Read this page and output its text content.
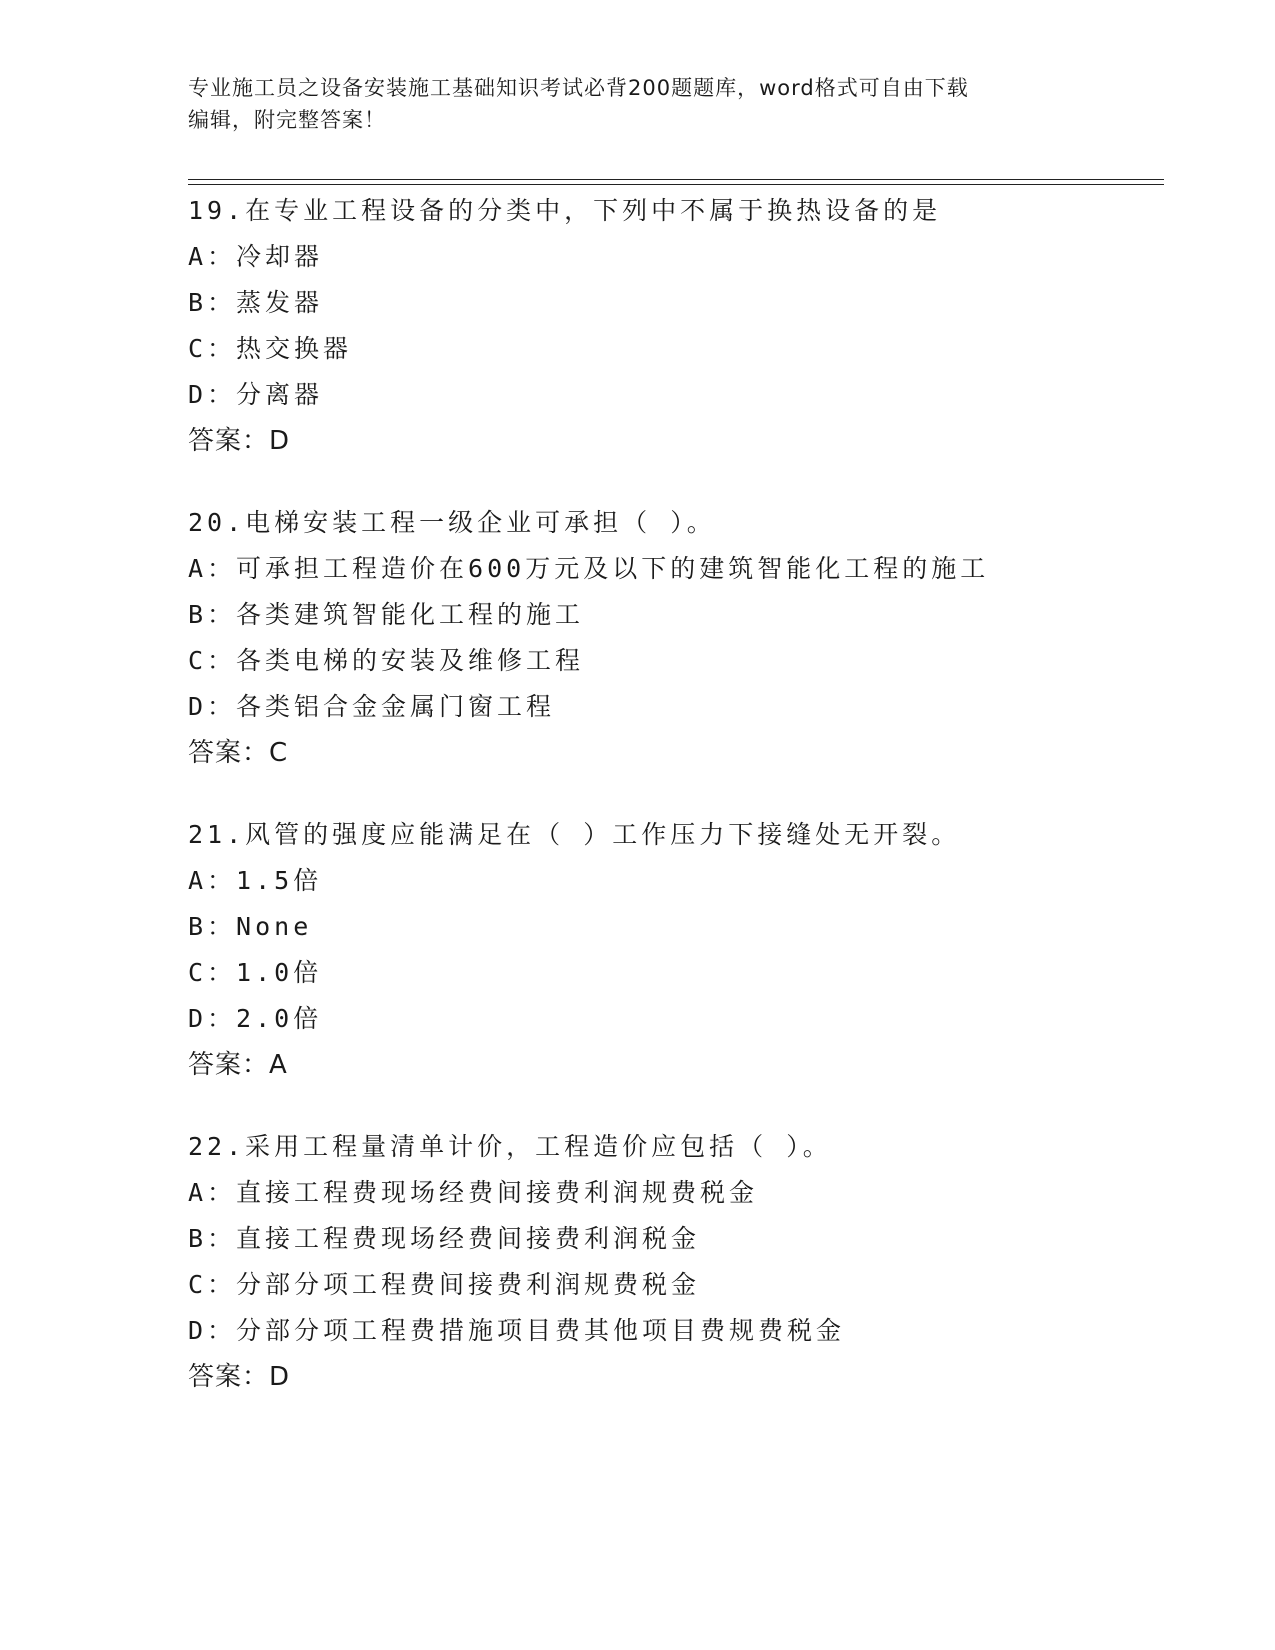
专业施工员之设备安装施工基础知识考试必背200题题库，word格式可自由下载
编辑，附完整答案！
19.在专业工程设备的分类中，下列中不属于换热设备的是
A：冷却器
B：蒸发器
C：热交换器
D：分离器
答案：D
20.电梯安装工程一级企业可承担（ ）。
A：可承担工程造价在600万元及以下的建筑智能化工程的施工
B：各类建筑智能化工程的施工
C：各类电梯的安装及维修工程
D：各类铝合金金属门窗工程
答案：C
21.风管的强度应能满足在（ ）工作压力下接缝处无开裂。
A：1.5倍
B：None
C：1.0倍
D：2.0倍
答案：A
22.采用工程量清单计价，工程造价应包括（ ）。
A：直接工程费现场经费间接费利润规费税金
B：直接工程费现场经费间接费利润税金
C：分部分项工程费间接费利润规费税金
D：分部分项工程费措施项目费其他项目费规费税金
答案：D
